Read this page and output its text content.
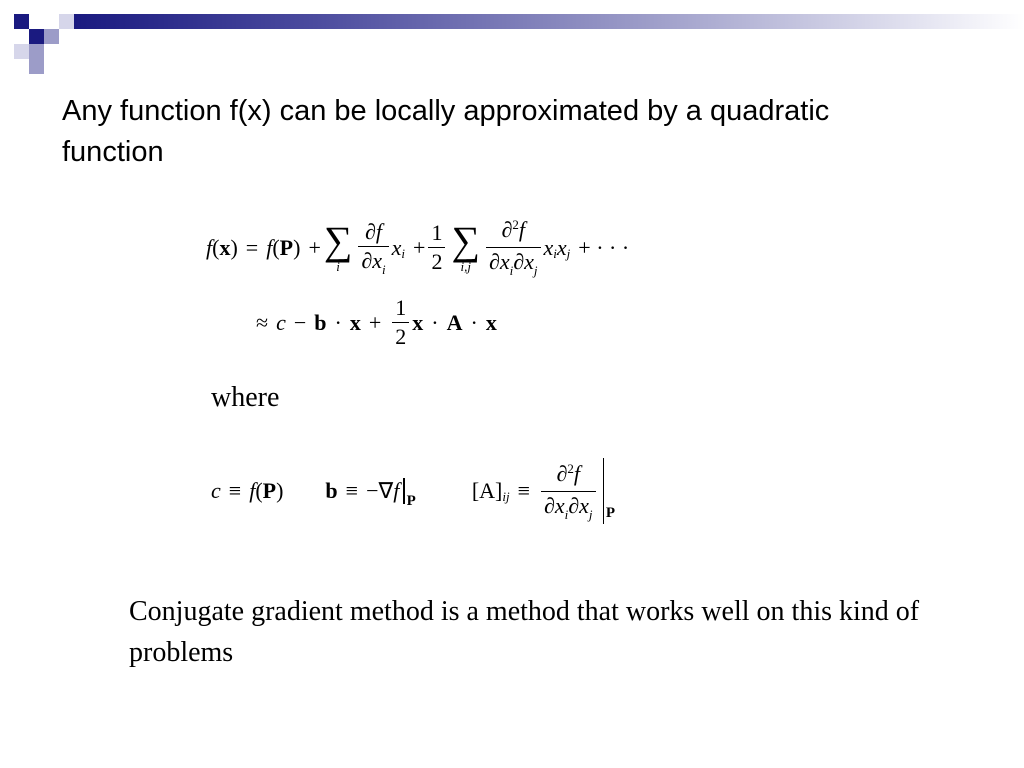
Any function f(x) can be locally approximated by a quadratic function
f ( x ) = f ( P ) + ∑
i $\frac{\partial f}{\partial x_i}$ x $i + \frac{1}{2}$ ∑
$i,j \frac{\partial^2f}{\partial x_i\partial x_j}$ x i x j + · · ·
≈ $c - b \cdot x + \frac{1}{2}$ x · A · x
where
c ≡ f ( P ) b ≡ −∇ f P	[A] ij ≡ $\frac{\partial^2f}{\partial x_i\partial x_j}$ P
Conjugate gradient method is a method that works well on this kind of problems
